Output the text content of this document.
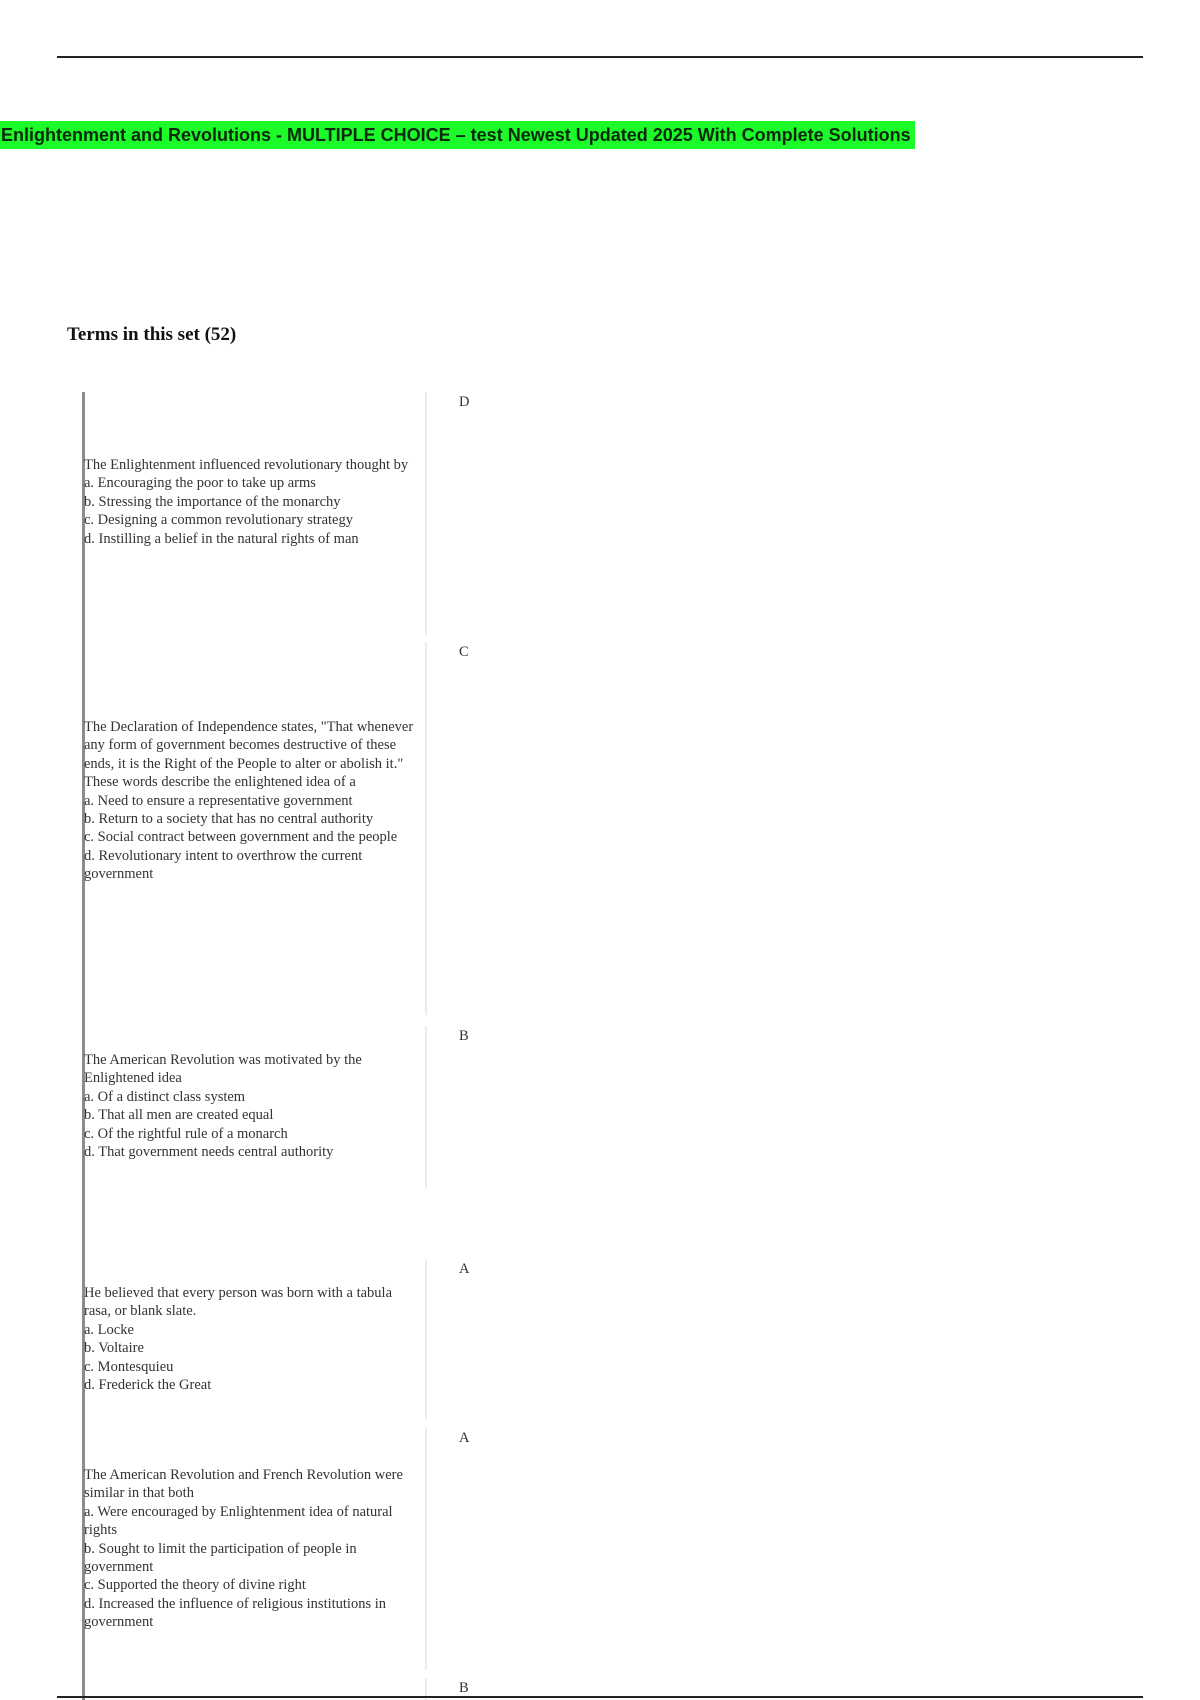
Enlightenment and Revolutions - MULTIPLE CHOICE – test Newest Updated 2025 With Complete Solutions
Terms in this set (52)
The Enlightenment influenced revolutionary thought by
a. Encouraging the poor to take up arms
b. Stressing the importance of the monarchy
c. Designing a common revolutionary strategy
d. Instilling a belief in the natural rights of man
D
The Declaration of Independence states, "That whenever any form of government becomes destructive of these ends, it is the Right of the People to alter or abolish it." These words describe the enlightened idea of a
a. Need to ensure a representative government
b. Return to a society that has no central authority
c. Social contract between government and the people
d. Revolutionary intent to overthrow the current government
C
The American Revolution was motivated by the Enlightened idea
a. Of a distinct class system
b. That all men are created equal
c. Of the rightful rule of a monarch
d. That government needs central authority
B
He believed that every person was born with a tabula rasa, or blank slate.
a. Locke
b. Voltaire
c. Montesquieu
d. Frederick the Great
A
The American Revolution and French Revolution were similar in that both
a. Were encouraged by Enlightenment idea of natural rights
b. Sought to limit the participation of people in government
c. Supported the theory of divine right
d. Increased the influence of religious institutions in government
A
B
